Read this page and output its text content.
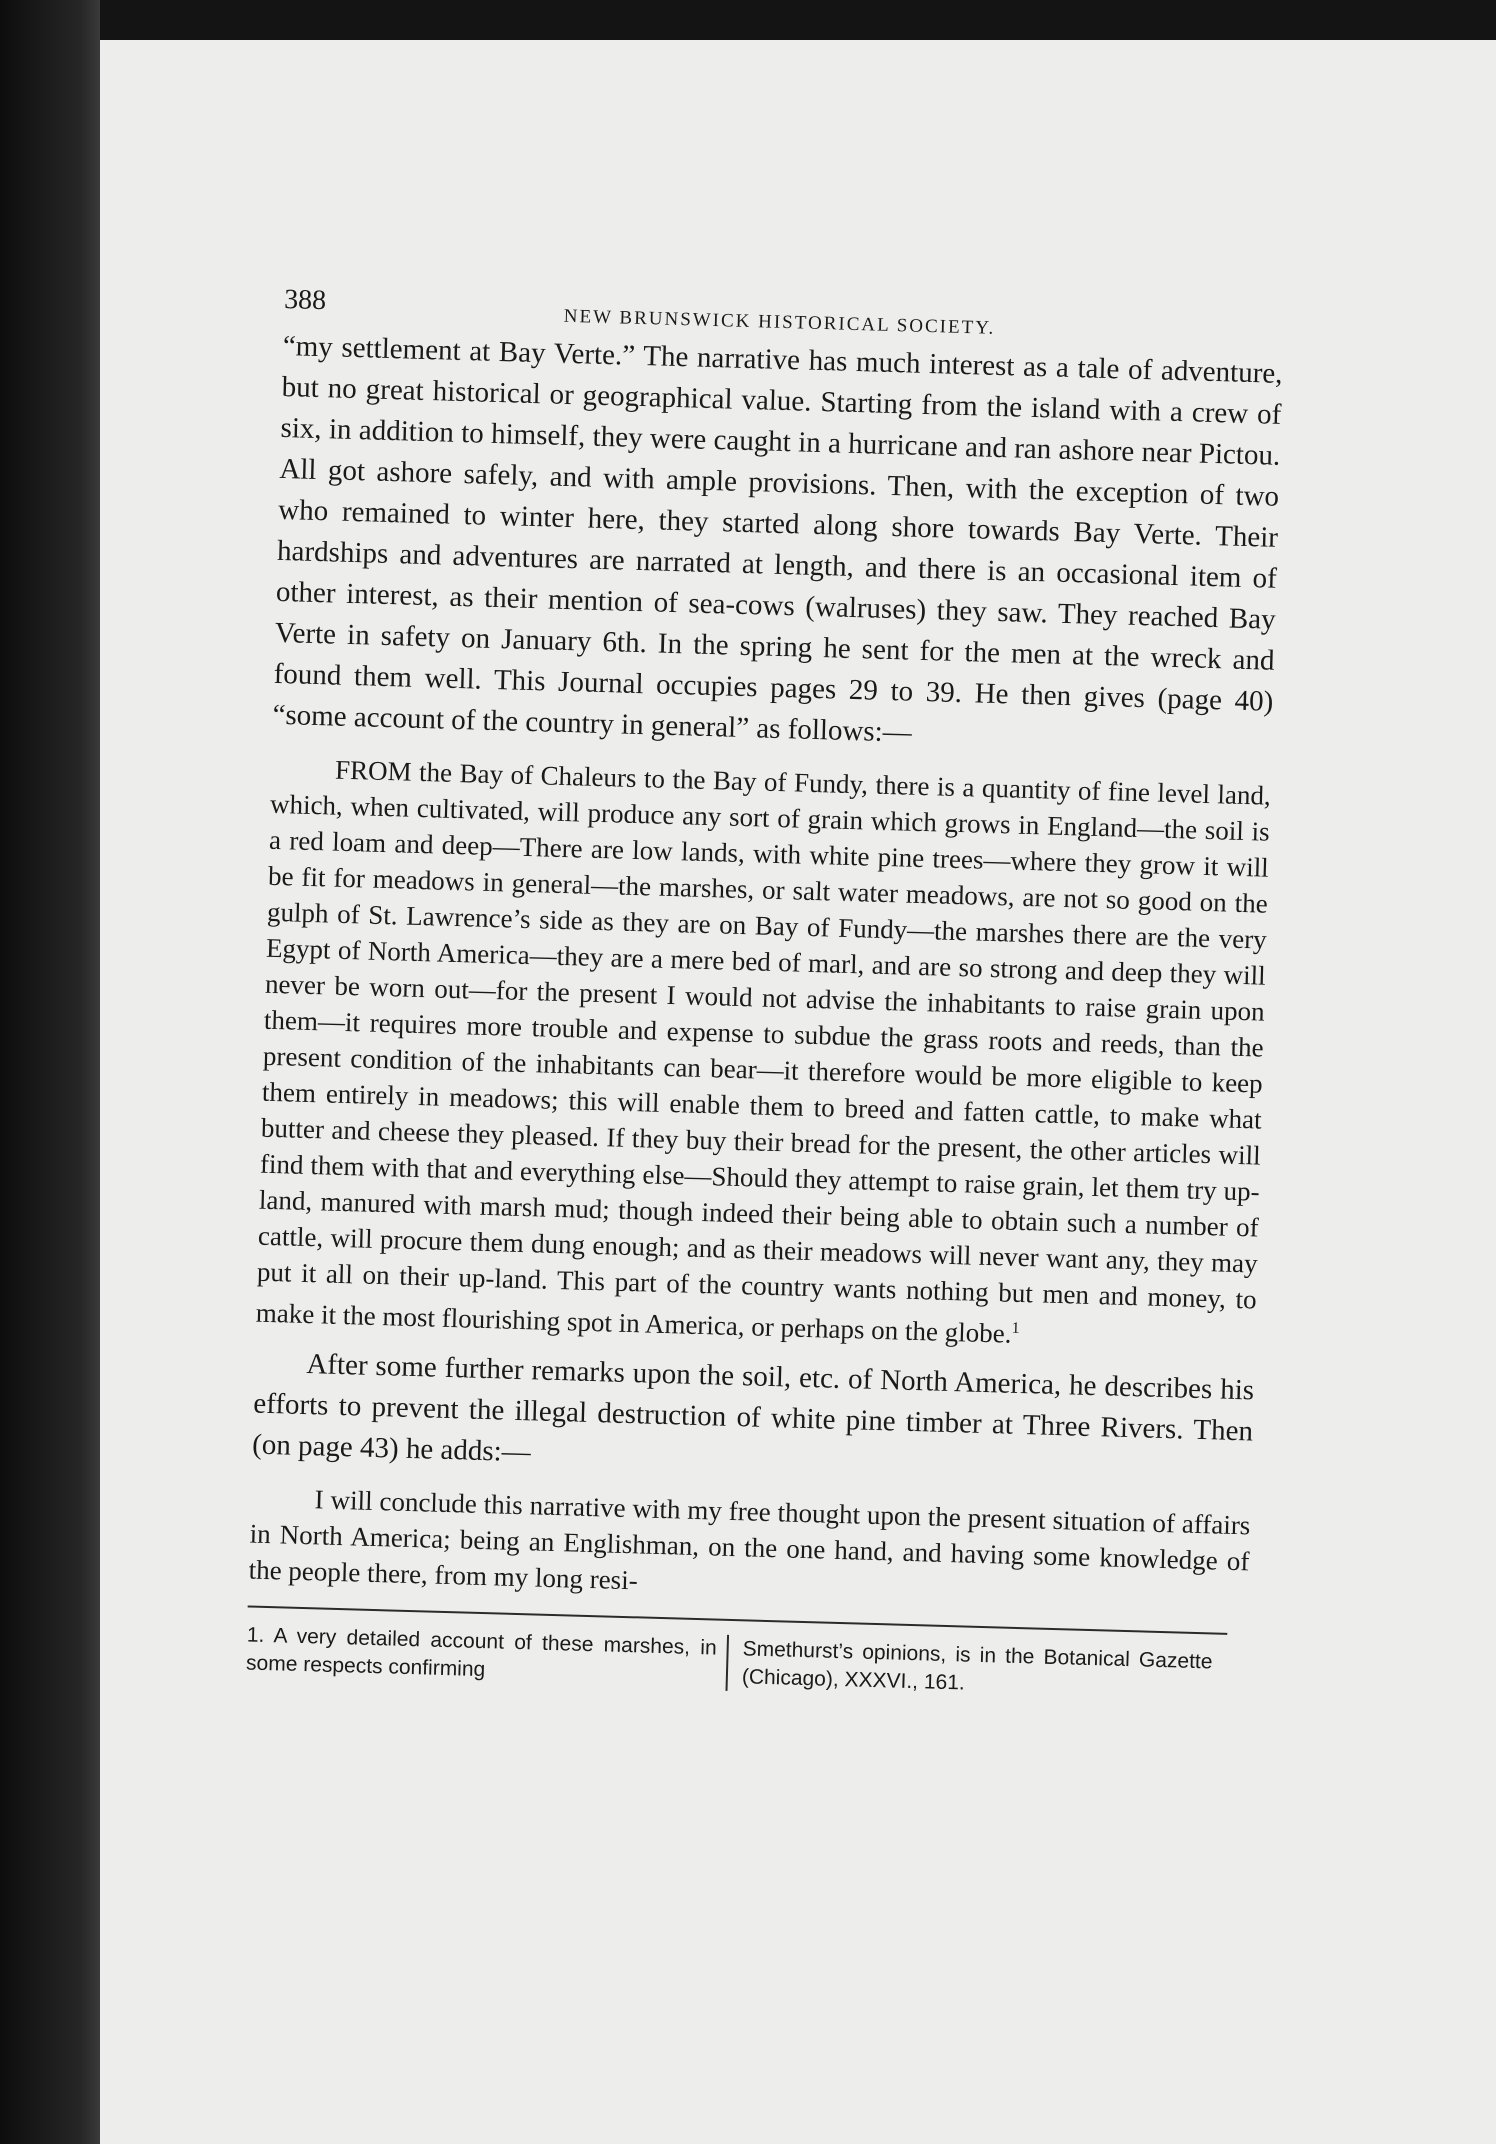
388
NEW BRUNSWICK HISTORICAL SOCIETY.

“my settlement at Bay Verte.” The narrative has much interest as a tale of adventure, but no great historical or geographical value. Starting from the island with a crew of six, in addition to himself, they were caught in a hurricane and ran ashore near Pictou. All got ashore safely, and with ample provisions. Then, with the exception of two who remained to winter here, they started along shore towards Bay Verte. Their hardships and adventures are narrated at length, and there is an occasional item of other interest, as their mention of sea-cows (walruses) they saw. They reached Bay Verte in safety on January 6th. In the spring he sent for the men at the wreck and found them well. This Journal occupies pages 29 to 39. He then gives (page 40) “some account of the country in general” as follows:—

FROM the Bay of Chaleurs to the Bay of Fundy, there is a quantity of fine level land, which, when cultivated, will produce any sort of grain which grows in England—the soil is a red loam and deep—There are low lands, with white pine trees—where they grow it will be fit for meadows in general—the marshes, or salt water meadows, are not so good on the gulph of St. Lawrence’s side as they are on Bay of Fundy—the marshes there are the very Egypt of North America—they are a mere bed of marl, and are so strong and deep they will never be worn out—for the present I would not advise the inhabitants to raise grain upon them—it requires more trouble and expense to subdue the grass roots and reeds, than the present condition of the inhabitants can bear—it therefore would be more eligible to keep them entirely in meadows; this will enable them to breed and fatten cattle, to make what butter and cheese they pleased. If they buy their bread for the present, the other articles will find them with that and everything else—Should they attempt to raise grain, let them try up-land, manured with marsh mud; though indeed their being able to obtain such a number of cattle, will procure them dung enough; and as their meadows will never want any, they may put it all on their up-land. This part of the country wants nothing but men and money, to make it the most flourishing spot in America, or perhaps on the globe.$^1$

After some further remarks upon the soil, etc. of North America, he describes his efforts to prevent the illegal destruction of white pine timber at Three Rivers. Then (on page 43) he adds:—

I will conclude this narrative with my free thought upon the present situation of affairs in North America; being an Englishman, on the one hand, and having some knowledge of the people there, from my long resi-

1. A very detailed account of these marshes, in some respects confirming	Smethurst’s opinions, is in the Botanical Gazette (Chicago), XXXVI., 161.
